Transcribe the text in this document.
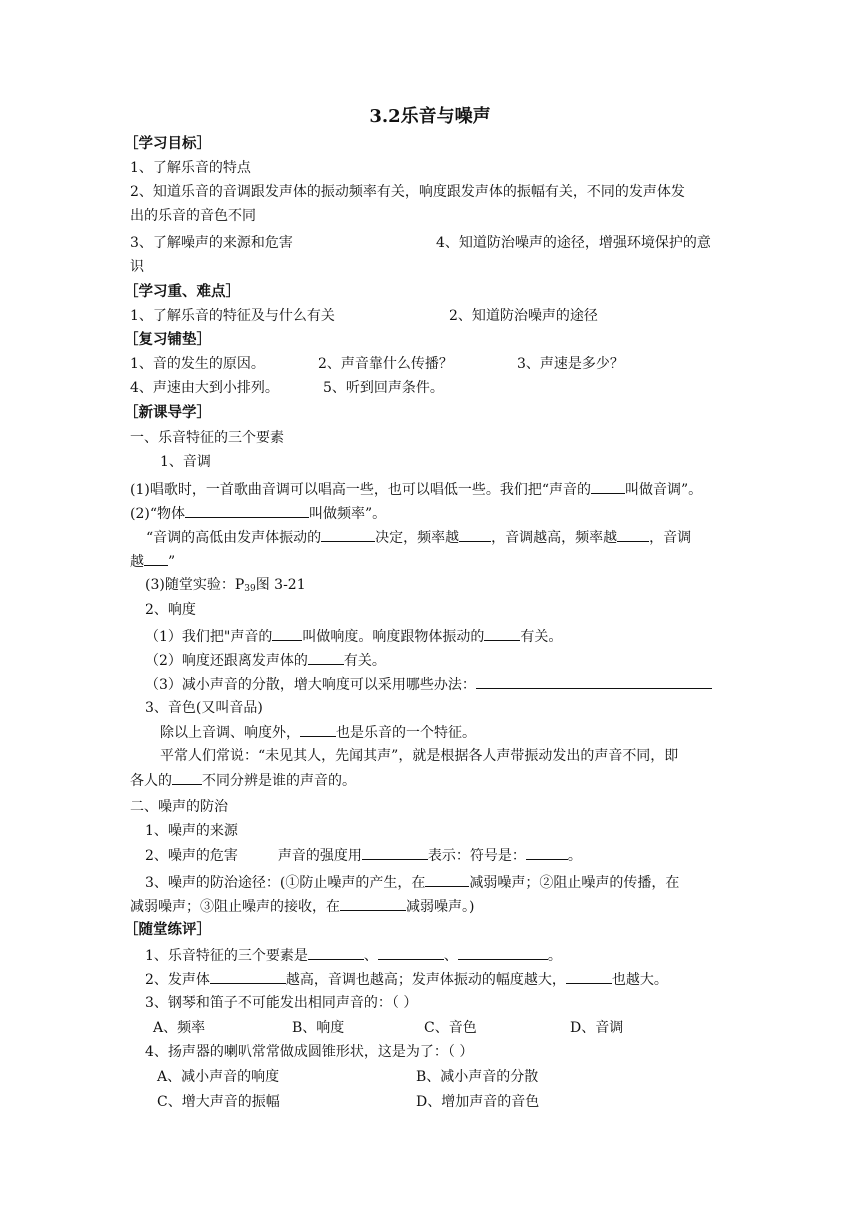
3.2乐音与噪声
［学习目标］
1、了解乐音的特点
2、知道乐音的音调跟发声体的振动频率有关，响度跟发声体的振幅有关，不同的发声体发
出的乐音的音色不同
3、了解噪声的来源和危害	4、知道防治噪声的途径，增强环境保护的意
识
［学习重、难点］
1、了解乐音的特征及与什么有关	2、知道防治噪声的途径
［复习铺垫］
1、音的发生的原因。	2、声音靠什么传播？	3、声速是多少？
4、声速由大到小排列。	5、听到回声条件。
［新课导学］
一、乐音特征的三个要素
1、音调
(1)唱歌时，一首歌曲音调可以唱高一些，也可以唱低一些。我们把“声音的 叫做音调”。
(2)“物体	叫做频率”。
“音调的高低由发声体振动的	决定，频率越 ，音调越高，频率越 ，音调
越 ”
(3)随堂实验：$P_{39}$图 3-21
2、响度
（1）我们把"声音的 叫做响度。响度跟物体振动的	有关。
（2）响度还跟离发声体的	有关。
（3）减小声音的分散，增大响度可以采用哪些办法：
3、音色(又叫音品)
除以上音调、响度外，	也是乐音的一个特征。
平常人们常说：“未见其人，先闻其声”，就是根据各人声带振动发出的声音不同，即
各人的 不同分辨是谁的声音的。
二、噪声的防治
1、噪声的来源
2、噪声的危害	声音的强度用	表示：符号是：	。
3、噪声的防治途径：(①防止噪声的产生，在	减弱噪声；②阻止噪声的传播，在
减弱噪声；③阻止噪声的接收，在	减弱噪声。)
［随堂练评］
1、乐音特征的三个要素是	、	、	。
2、发声体	越高，音调也越高；发声体振动的幅度越大，	也越大。
3、钢琴和笛子不可能发出相同声音的：（ ）
A、频率	B、响度	C、音色	D、音调
4、扬声器的喇叭常常做成圆锥形状，这是为了：（ ）
A、减小声音的响度	B、减小声音的分散
C、增大声音的振幅	D、增加声音的音色
